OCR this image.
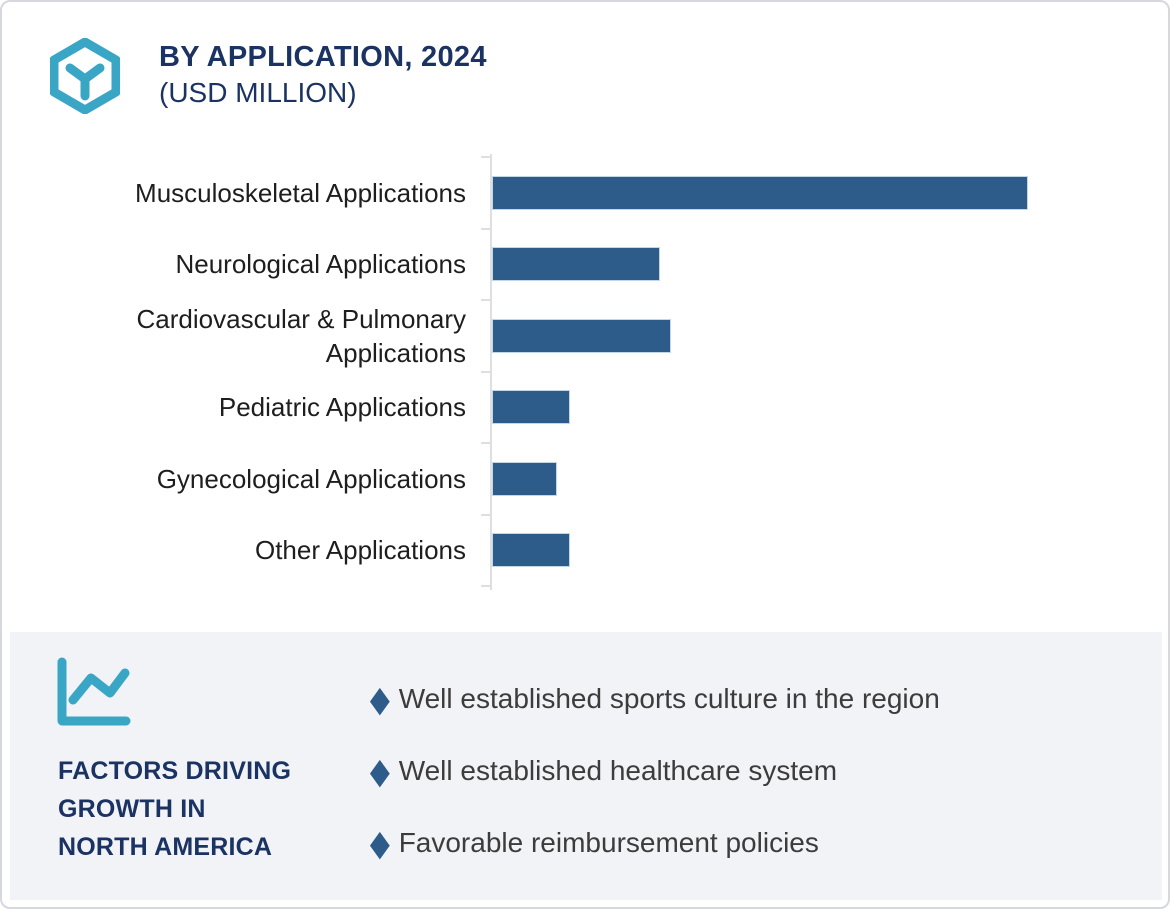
BY APPLICATION, 2024
(USD MILLION)
Musculoskeletal Applications
Neurological Applications
Cardiovascular & Pulmonary Applications
Pediatric Applications
Gynecological Applications
Other Applications
FACTORS DRIVING
GROWTH IN
NORTH AMERICA
◆ Well established sports culture in the region
◆ Well established healthcare system
◆ Favorable reimbursement policies
